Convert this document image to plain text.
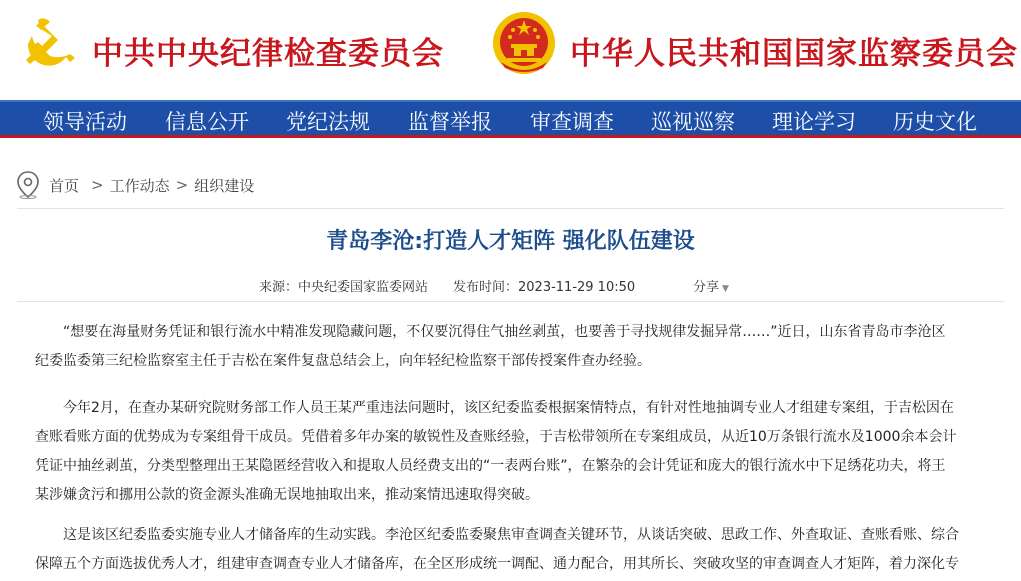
中共中央纪律检查委员会	中华人民共和国国家监察委员会
领导活动 信息公开 党纪法规 监督举报 审查调查 巡视巡察 理论学习 历史文化
首页 > 工作动态 > 组织建设
青岛李沧:打造人才矩阵 强化队伍建设
来源：中央纪委国家监委网站 发布时间：2023-11-29 10:50	分享 ▼

“想要在海量财务凭证和银行流水中精准发现隐藏问题，不仅要沉得住气抽丝剥茧，也要善于寻找规律发掘异常……”近日，山东省青岛市李沧区

纪委监委第三纪检监察室主任于吉松在案件复盘总结会上，向年轻纪检监察干部传授案件查办经验。

今年2月，在查办某研究院财务部工作人员王某严重违法问题时，该区纪委监委根据案情特点，有针对性地抽调专业人才组建专案组，于吉松因在

查账看账方面的优势成为专案组骨干成员。凭借着多年办案的敏锐性及查账经验，于吉松带领所在专案组成员，从近10万条银行流水及1000余本会计

凭证中抽丝剥茧，分类型整理出王某隐匿经营收入和提取人员经费支出的“一表两台账”，在繁杂的会计凭证和庞大的银行流水中下足绣花功夫，将王

某涉嫌贪污和挪用公款的资金源头准确无误地抽取出来，推动案情迅速取得突破。

这是该区纪委监委实施专业人才储备库的生动实践。李沧区纪委监委聚焦审查调查关键环节，从谈话突破、思政工作、外查取证、查账看账、综合

保障五个方面选拔优秀人才，组建审查调查专业人才储备库，在全区形成统一调配、通力配合，用其所长、突破攻坚的审查调查人才矩阵，着力深化专
